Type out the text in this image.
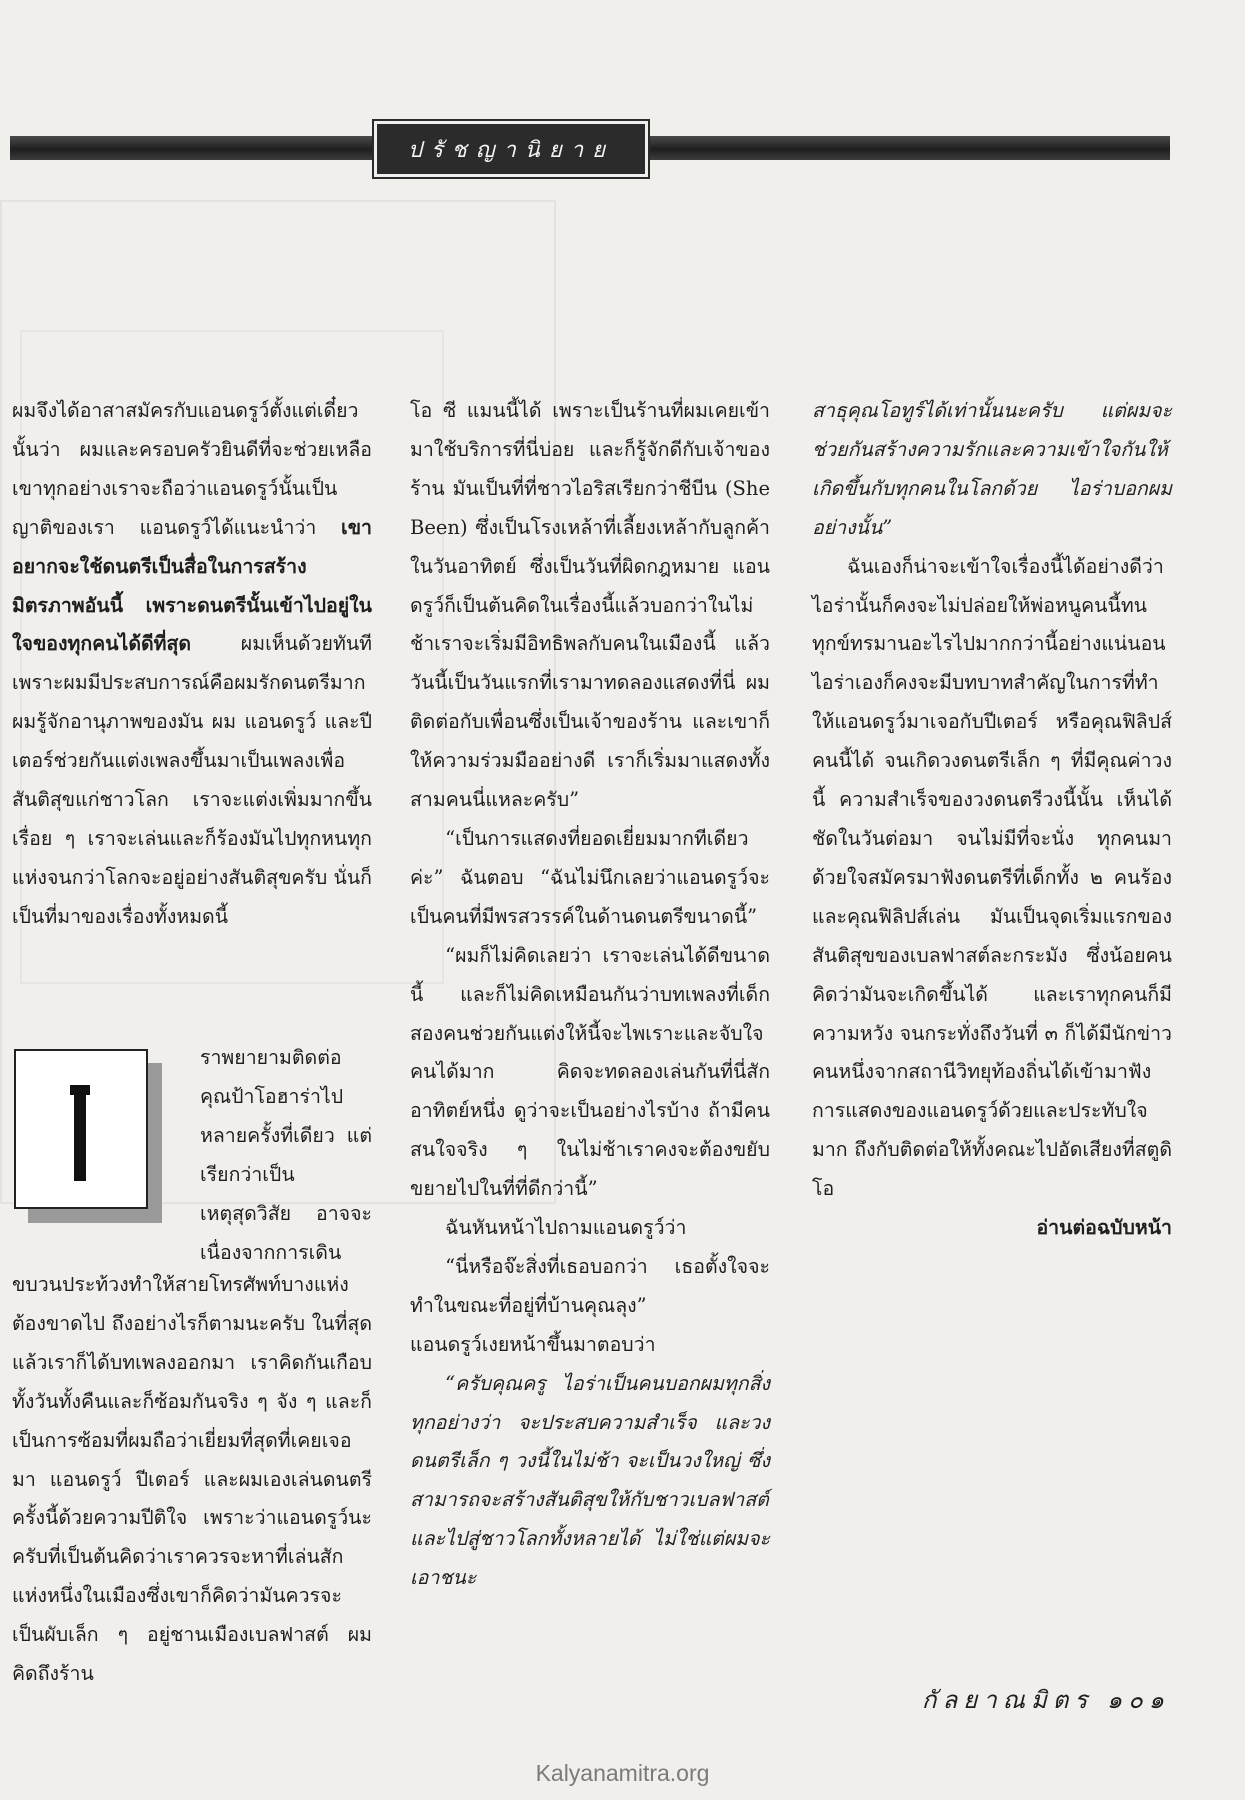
ปรัชญานิยาย

ผมจึงได้อาสาสมัครกับแอนดรูว์ตั้งแต่เดี๋ยวนั้นว่า ผมและครอบครัวยินดีที่จะช่วยเหลือเขาทุกอย่างเราจะถือว่าแอนดรูว์นั้นเป็นญาติของเรา แอนดรูว์ได้แนะนำว่า เขาอยากจะใช้ดนตรีเป็นสื่อในการสร้างมิตรภาพอันนี้ เพราะดนตรีนั้นเข้าไปอยู่ในใจของทุกคนได้ดีที่สุด ผมเห็นด้วยทันที เพราะผมมีประสบการณ์คือผมรักดนตรีมาก ผมรู้จักอานุภาพของมัน ผม แอนดรูว์ และปีเตอร์ช่วยกันแต่งเพลงขึ้นมาเป็นเพลงเพื่อสันติสุขแก่ชาวโลก เราจะแต่งเพิ่มมากขึ้นเรื่อย ๆ เราจะเล่นและก็ร้องมันไปทุกหนทุกแห่งจนกว่าโลกจะอยู่อย่างสันติสุขครับ นั่นก็เป็นที่มาของเรื่องทั้งหมดนี้

ราพยายามติดต่อคุณป้าโอฮาร่าไปหลายครั้งที่เดียว แต่เรียกว่าเป็นเหตุสุดวิสัย อาจจะเนื่องจากการเดิน

ขบวนประท้วงทำให้สายโทรศัพท์บางแห่งต้องขาดไป ถึงอย่างไรก็ตามนะครับ ในที่สุดแล้วเราก็ได้บทเพลงออกมา เราคิดกันเกือบทั้งวันทั้งคืนและก็ซ้อมกันจริง ๆ จัง ๆ และก็เป็นการซ้อมที่ผมถือว่าเยี่ยมที่สุดที่เคยเจอมา แอนดรูว์ ปีเตอร์ และผมเองเล่นดนตรีครั้งนี้ด้วยความปีติใจ เพราะว่าแอนดรูว์นะครับที่เป็นต้นคิดว่าเราควรจะหาที่เล่นสักแห่งหนึ่งในเมืองซึ่งเขาก็คิดว่ามันควรจะเป็นผับเล็ก ๆ อยู่ชานเมืองเบลฟาสต์ ผมคิดถึงร้าน

โอ ซี แมนนี้ได้ เพราะเป็นร้านที่ผมเคยเข้ามาใช้บริการที่นี่บ่อย และก็รู้จักดีกับเจ้าของร้าน มันเป็นที่ที่ชาวไอริสเรียกว่าชีบีน (She Been) ซึ่งเป็นโรงเหล้าที่เลี้ยงเหล้ากับลูกค้าในวันอาทิตย์ ซึ่งเป็นวันที่ผิดกฎหมาย แอนดรูว์ก็เป็นต้นคิดในเรื่องนี้แล้วบอกว่าในไม่ช้าเราจะเริ่มมีอิทธิพลกับคนในเมืองนี้ แล้ววันนี้เป็นวันแรกที่เรามาทดลองแสดงที่นี่ ผมติดต่อกับเพื่อนซึ่งเป็นเจ้าของร้าน และเขาก็ให้ความร่วมมืออย่างดี เราก็เริ่มมาแสดงทั้งสามคนนี่แหละครับ”

“เป็นการแสดงที่ยอดเยี่ยมมากทีเดียวค่ะ” ฉันตอบ “ฉันไม่นึกเลยว่าแอนดรูว์จะเป็นคนที่มีพรสวรรค์ในด้านดนตรีขนาดนี้”

“ผมก็ไม่คิดเลยว่า เราจะเล่นได้ดีขนาดนี้ และก็ไม่คิดเหมือนกันว่าบทเพลงที่เด็กสองคนช่วยกันแต่งให้นี้จะไพเราะและจับใจคนได้มาก คิดจะทดลองเล่นกันที่นี่สักอาทิตย์หนึ่ง ดูว่าจะเป็นอย่างไรบ้าง ถ้ามีคนสนใจจริง ๆ ในไม่ช้าเราคงจะต้องขยับขยายไปในที่ที่ดีกว่านี้”

ฉันหันหน้าไปถามแอนดรูว์ว่า

“นี่หรือจ๊ะสิ่งที่เธอบอกว่า เธอตั้งใจจะทำในขณะที่อยู่ที่บ้านคุณลุง”

แอนดรูว์เงยหน้าขึ้นมาตอบว่า

“ครับคุณครู ไอร่าเป็นคนบอกผมทุกสิ่งทุกอย่างว่า จะประสบความสำเร็จ และวงดนตรีเล็ก ๆ วงนี้ในไม่ช้า จะเป็นวงใหญ่ ซึ่งสามารถจะสร้างสันติสุขให้กับชาวเบลฟาสต์ และไปสู่ชาวโลกทั้งหลายได้ ไม่ใช่แต่ผมจะเอาชนะ

สาธุคุณโอทูร์ได้เท่านั้นนะครับ แต่ผมจะช่วยกันสร้างความรักและความเข้าใจกันให้เกิดขึ้นกับทุกคนในโลกด้วย ไอร่าบอกผมอย่างนั้น”

ฉันเองก็น่าจะเข้าใจเรื่องนี้ได้อย่างดีว่า ไอร่านั้นก็คงจะไม่ปล่อยให้พ่อหนูคนนี้ทนทุกข์ทรมานอะไรไปมากกว่านี้อย่างแน่นอน ไอร่าเองก็คงจะมีบทบาทสำคัญในการที่ทำให้แอนดรูว์มาเจอกับปีเตอร์ หรือคุณฟิลิปส์คนนี้ได้ จนเกิดวงดนตรีเล็ก ๆ ที่มีคุณค่าวงนี้ ความสำเร็จของวงดนตรีวงนี้นั้น เห็นได้ชัดในวันต่อมา จนไม่มีที่จะนั่ง ทุกคนมาด้วยใจสมัครมาฟังดนตรีที่เด็กทั้ง ๒ คนร้อง และคุณฟิลิปส์เล่น มันเป็นจุดเริ่มแรกของสันติสุขของเบลฟาสต์ละกระมัง ซึ่งน้อยคนคิดว่ามันจะเกิดขึ้นได้ และเราทุกคนก็มีความหวัง จนกระทั่งถึงวันที่ ๓ ก็ได้มีนักข่าวคนหนึ่งจากสถานีวิทยุท้องถิ่นได้เข้ามาฟังการแสดงของแอนดรูว์ด้วยและประทับใจมาก ถึงกับติดต่อให้ทั้งคณะไปอัดเสียงที่สตูดิโอ

อ่านต่อฉบับหน้า

กัลยาณมิตร ๑๐๑
Kalyanamitra.org
